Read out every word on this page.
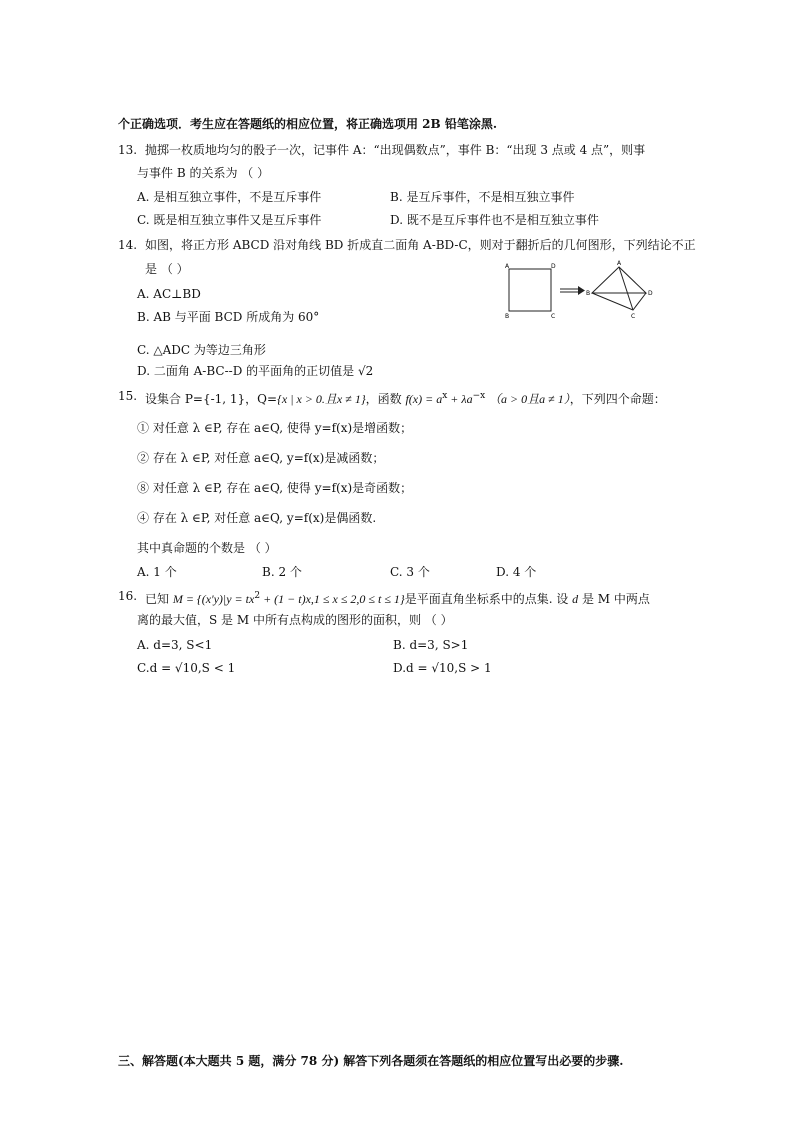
个正确选项．考生应在答题纸的相应位置，将正确选项用 2B 铅笔涂黑.
13. 抛掷一枚质地均匀的骰子一次，记事件 A：“出现偶数点”，事件 B：“出现 3 点或 4 点”，则事
与事件 B 的关系为 （ ）
A. 是相互独立事件，不是互斥事件	B. 是互斥事件，不是相互独立事件
C. 既是相互独立事件又是互斥事件	D. 既不是互斥事件也不是相互独立事件
14. 如图，将正方形 ABCD 沿对角线 BD 折成直二面角 A-BD-C，则对于翻折后的几何图形，下列结论不正
是 （ ）
A. AC⊥BD
B. AB 与平面 BCD 所成角为 60°
C. △ADC 为等边三角形
D. 二面角 A-BC--D 的平面角的正切值是 √2
A	D
B	C
A
B
C
D
15. 设集合 P={-1, 1}，Q={x | x > 0.且x ≠ 1}，函数 $f(x) = a^x + \lambda a^{-x}$ （a > 0且a ≠ 1），下列四个命题：
① 对任意 λ ∈P, 存在 a∈Q, 使得 y=f(x)是增函数；
② 存在 λ ∈P, 对任意 a∈Q, y=f(x)是减函数；
⑧ 对任意 λ ∈P, 存在 a∈Q, 使得 y=f(x)是奇函数；
④ 存在 λ ∈P, 对任意 a∈Q, y=f(x)是偶函数.
其中真命题的个数是 （ ）
A. 1 个	B. 2 个	C. 3 个	D. 4 个
16. 已知 $M = \{(x'y)|y = tx^2 + (1 - t)x,1 \le x \le 2,0 \le t \le 1\}$是平面直角坐标系中的点集. 设 d 是 M 中两点
离的最大值，S 是 M 中所有点构成的图形的面积，则 （ ）
A. d=3, S<1	B. d=3, S>1
C.d = √10,S < 1	D.d = √10,S > 1
三、解答题(本大题共 5 题，满分 78 分) 解答下列各题须在答题纸的相应位置写出必要的步骤.
